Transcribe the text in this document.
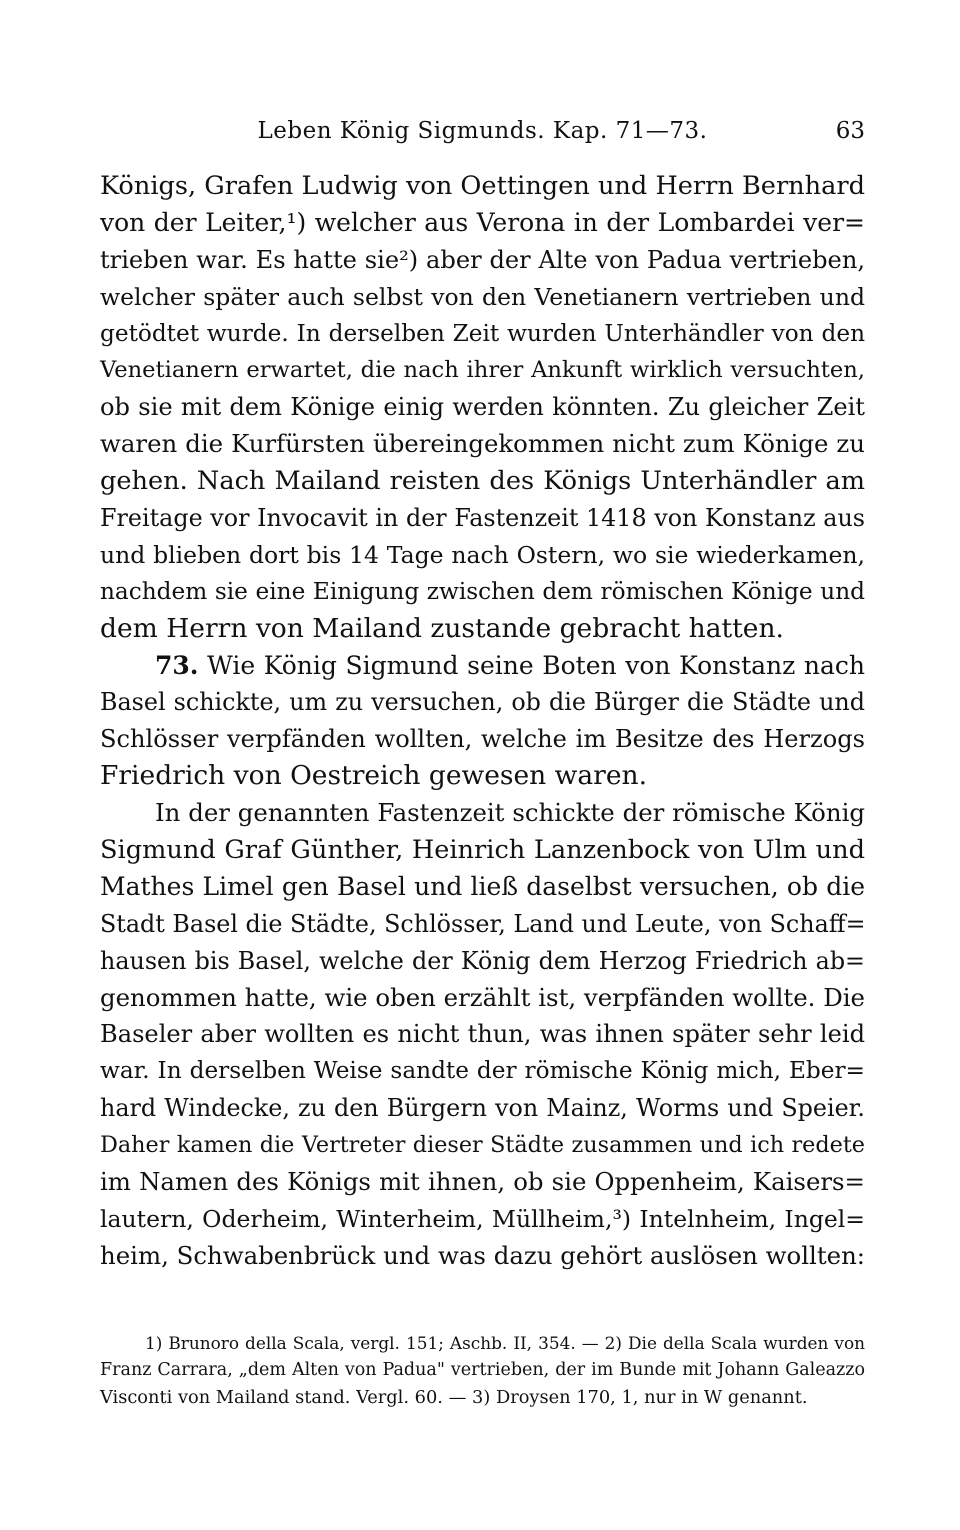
Leben König Sigmunds. Kap. 71—73.	63
Königs, Grafen Ludwig von Oettingen und Herrn Bernhard
von der Leiter,¹) welcher aus Verona in der Lombardei ver=
trieben war. Es hatte sie²) aber der Alte von Padua vertrieben,
welcher später auch selbst von den Venetianern vertrieben und
getödtet wurde. In derselben Zeit wurden Unterhändler von den
Venetianern erwartet, die nach ihrer Ankunft wirklich versuchten,
ob sie mit dem Könige einig werden könnten. Zu gleicher Zeit
waren die Kurfürsten übereingekommen nicht zum Könige zu
gehen. Nach Mailand reisten des Königs Unterhändler am
Freitage vor Invocavit in der Fastenzeit 1418 von Konstanz aus
und blieben dort bis 14 Tage nach Ostern, wo sie wiederkamen,
nachdem sie eine Einigung zwischen dem römischen Könige und
dem Herrn von Mailand zustande gebracht hatten.
73. Wie König Sigmund seine Boten von Konstanz nach
Basel schickte, um zu versuchen, ob die Bürger die Städte und
Schlösser verpfänden wollten, welche im Besitze des Herzogs
Friedrich von Oestreich gewesen waren.
In der genannten Fastenzeit schickte der römische König
Sigmund Graf Günther, Heinrich Lanzenbock von Ulm und
Mathes Limel gen Basel und ließ daselbst versuchen, ob die
Stadt Basel die Städte, Schlösser, Land und Leute, von Schaff=
hausen bis Basel, welche der König dem Herzog Friedrich ab=
genommen hatte, wie oben erzählt ist, verpfänden wollte. Die
Baseler aber wollten es nicht thun, was ihnen später sehr leid
war. In derselben Weise sandte der römische König mich, Eber=
hard Windecke, zu den Bürgern von Mainz, Worms und Speier.
Daher kamen die Vertreter dieser Städte zusammen und ich redete
im Namen des Königs mit ihnen, ob sie Oppenheim, Kaisers=
lautern, Oderheim, Winterheim, Müllheim,³) Intelnheim, Ingel=
heim, Schwabenbrück und was dazu gehört auslösen wollten:
1) Brunoro della Scala, vergl. 151; Aschb. II, 354. — 2) Die della Scala wurden von
Franz Carrara, „dem Alten von Padua" vertrieben, der im Bunde mit Johann Galeazzo
Visconti von Mailand stand. Vergl. 60. — 3) Droysen 170, 1, nur in W genannt.
